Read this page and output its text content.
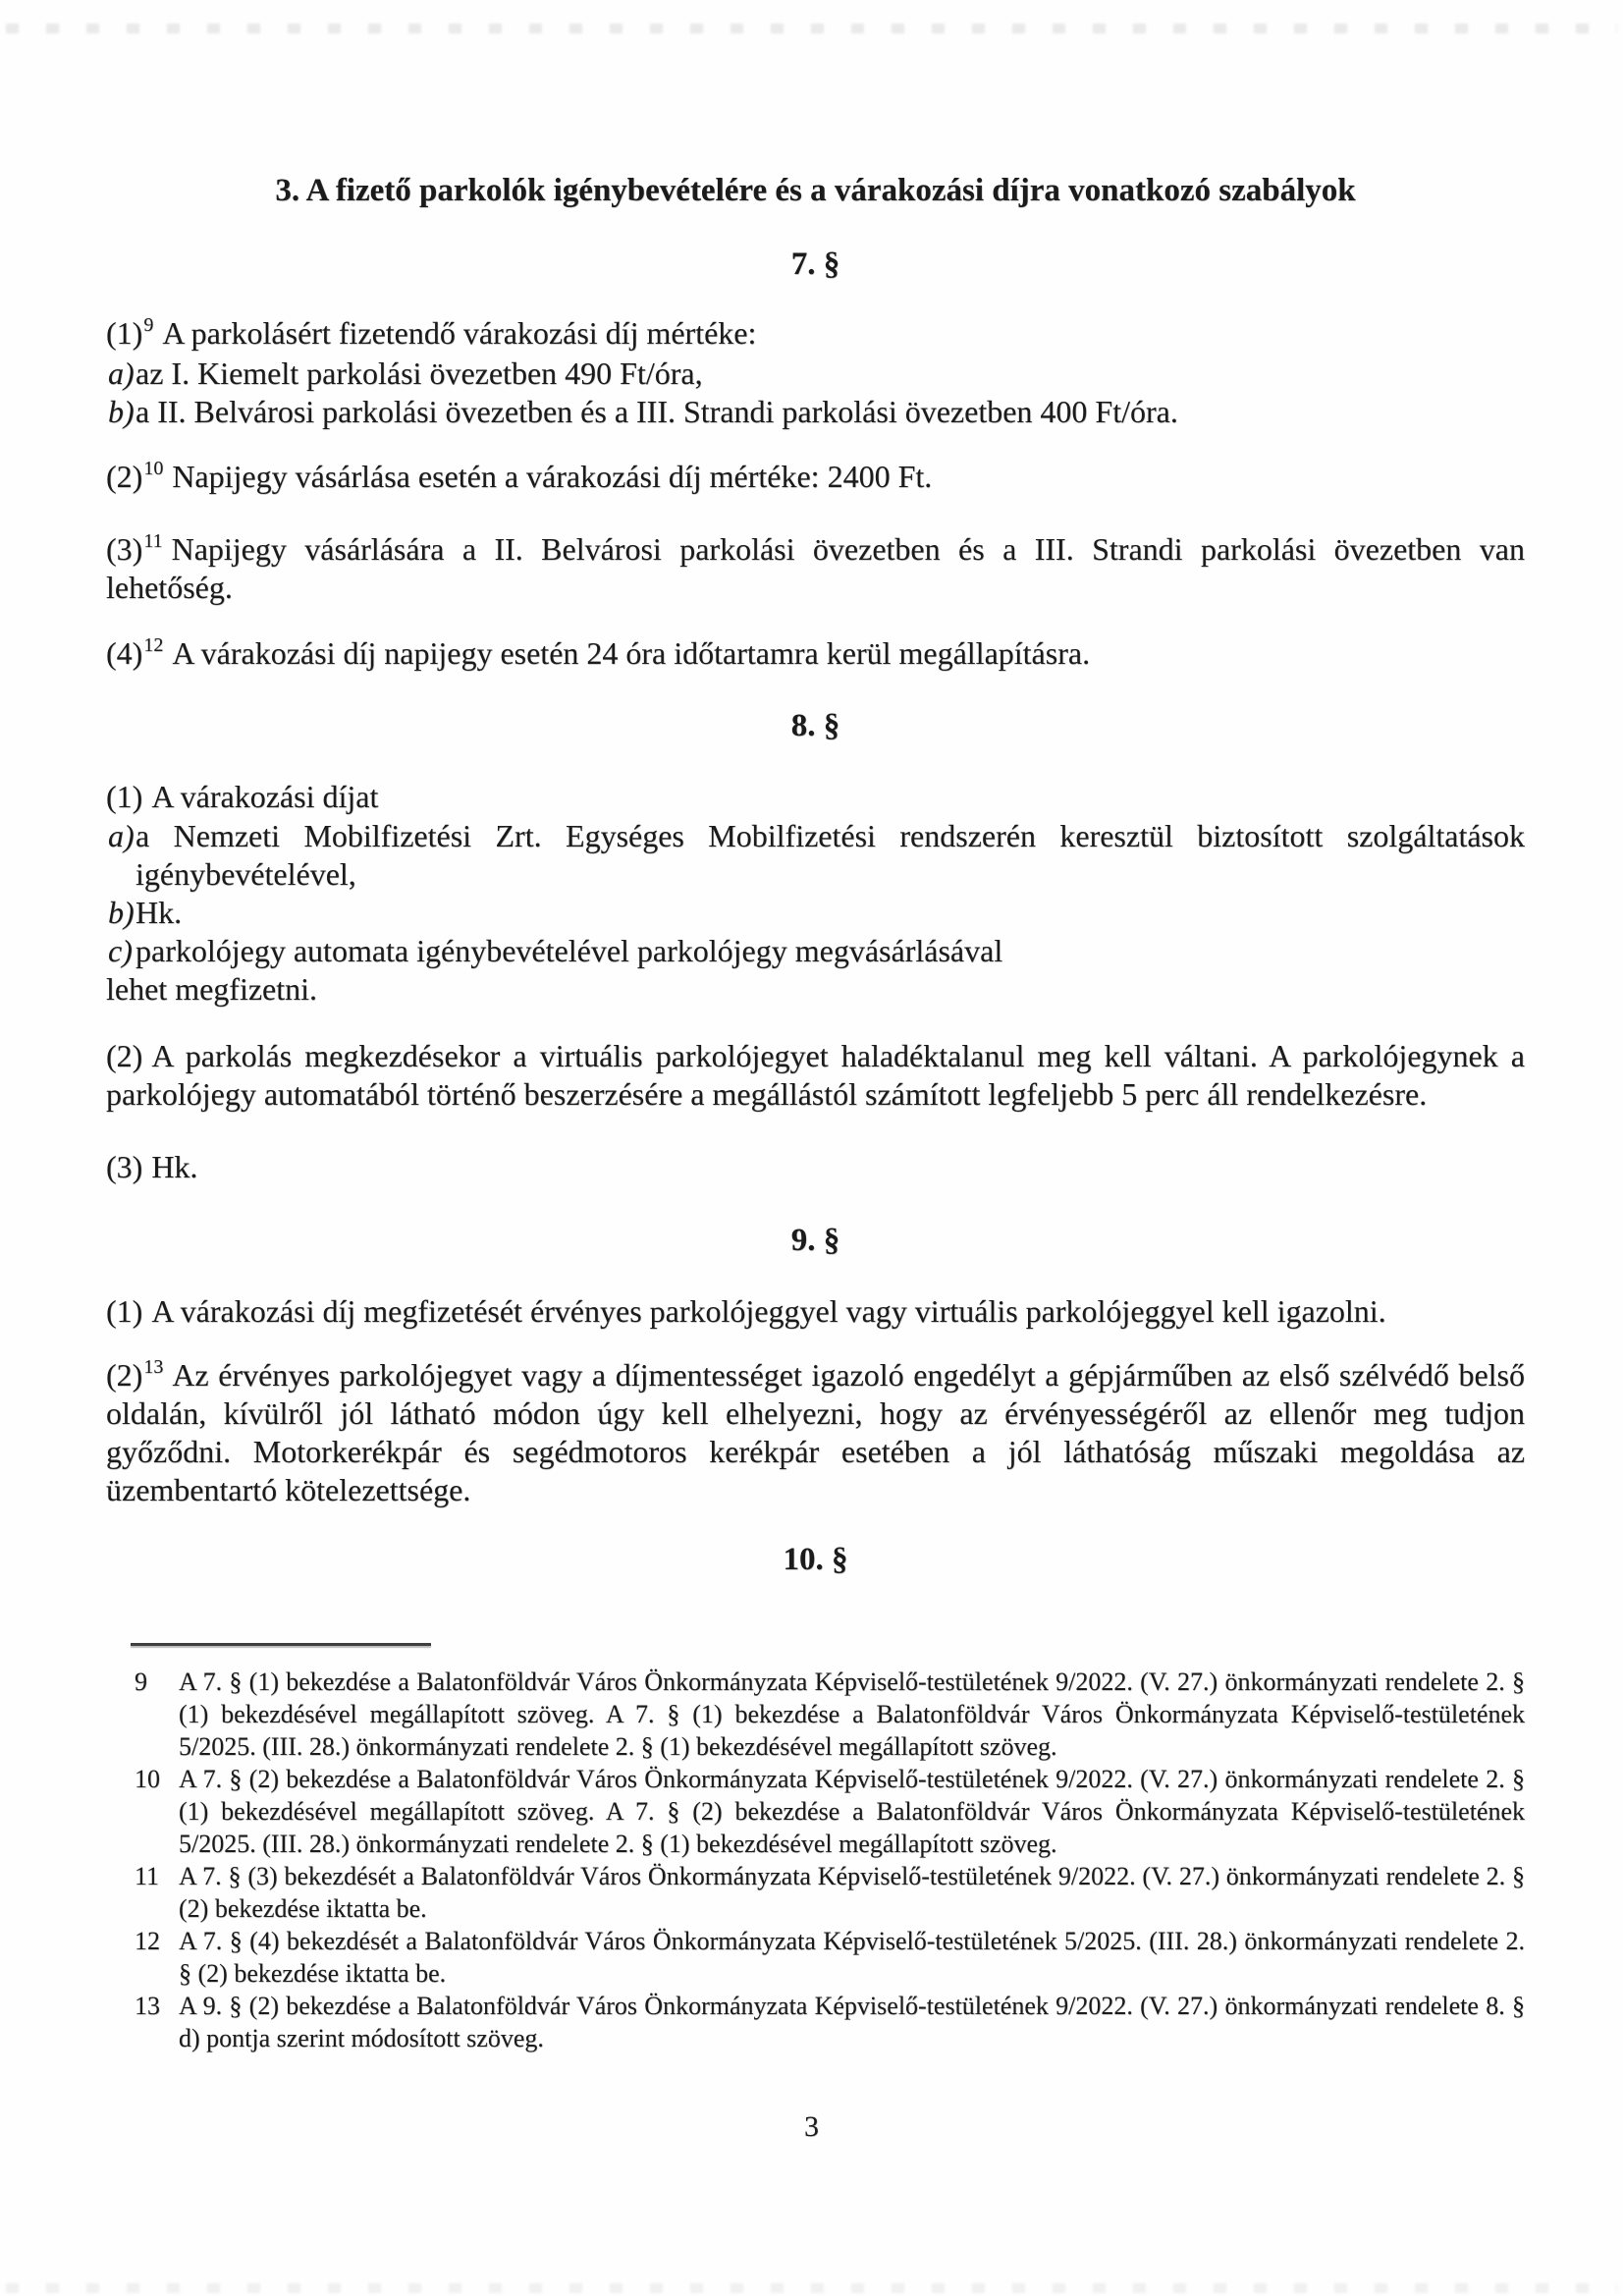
3. A fizető parkolók igénybevételére és a várakozási díjra vonatkozó szabályok
7. §

(1)$^9$ A parkolásért fizetendő várakozási díj mértéke:

a) az I. Kiemelt parkolási övezetben 490 Ft/óra,

b) a II. Belvárosi parkolási övezetben és a III. Strandi parkolási övezetben 400 Ft/óra.

(2)$^{10}$ Napijegy vásárlása esetén a várakozási díj mértéke: 2400 Ft.

(3)$^{11}$ Napijegy vásárlására a II. Belvárosi parkolási övezetben és a III. Strandi parkolási övezetben van lehetőség.

(4)$^{12}$ A várakozási díj napijegy esetén 24 óra időtartamra kerül megállapításra.

8. §

(1) A várakozási díjat

a) a Nemzeti Mobilfizetési Zrt. Egységes Mobilfizetési rendszerén keresztül biztosított szolgáltatások igénybevételével,

b) Hk.

c) parkolójegy automata igénybevételével parkolójegy megvásárlásával

lehet megfizetni.

(2) A parkolás megkezdésekor a virtuális parkolójegyet haladéktalanul meg kell váltani. A parkolójegynek a parkolójegy automatából történő beszerzésére a megállástól számított legfeljebb 5 perc áll rendelkezésre.

(3) Hk.

9. §

(1) A várakozási díj megfizetését érvényes parkolójeggyel vagy virtuális parkolójeggyel kell igazolni.

(2)$^{13}$ Az érvényes parkolójegyet vagy a díjmentességet igazoló engedélyt a gépjárműben az első szélvédő belső oldalán, kívülről jól látható módon úgy kell elhelyezni, hogy az érvényességéről az ellenőr meg tudjon győződni. Motorkerékpár és segédmotoros kerékpár esetében a jól láthatóság műszaki megoldása az üzembentartó kötelezettsége.

10. §

9 A 7. § (1) bekezdése a Balatonföldvár Város Önkormányzata Képviselő-testületének 9/2022. (V. 27.) önkormányzati rendelete 2. § (1) bekezdésével megállapított szöveg. A 7. § (1) bekezdése a Balatonföldvár Város Önkormányzata Képviselő-testületének 5/2025. (III. 28.) önkormányzati rendelete 2. § (1) bekezdésével megállapított szöveg.

10 A 7. § (2) bekezdése a Balatonföldvár Város Önkormányzata Képviselő-testületének 9/2022. (V. 27.) önkormányzati rendelete 2. § (1) bekezdésével megállapított szöveg. A 7. § (2) bekezdése a Balatonföldvár Város Önkormányzata Képviselő-testületének 5/2025. (III. 28.) önkormányzati rendelete 2. § (1) bekezdésével megállapított szöveg.

11 A 7. § (3) bekezdését a Balatonföldvár Város Önkormányzata Képviselő-testületének 9/2022. (V. 27.) önkormányzati rendelete 2. § (2) bekezdése iktatta be.

12 A 7. § (4) bekezdését a Balatonföldvár Város Önkormányzata Képviselő-testületének 5/2025. (III. 28.) önkormányzati rendelete 2. § (2) bekezdése iktatta be.

13 A 9. § (2) bekezdése a Balatonföldvár Város Önkormányzata Képviselő-testületének 9/2022. (V. 27.) önkormányzati rendelete 8. § d) pontja szerint módosított szöveg.

3
